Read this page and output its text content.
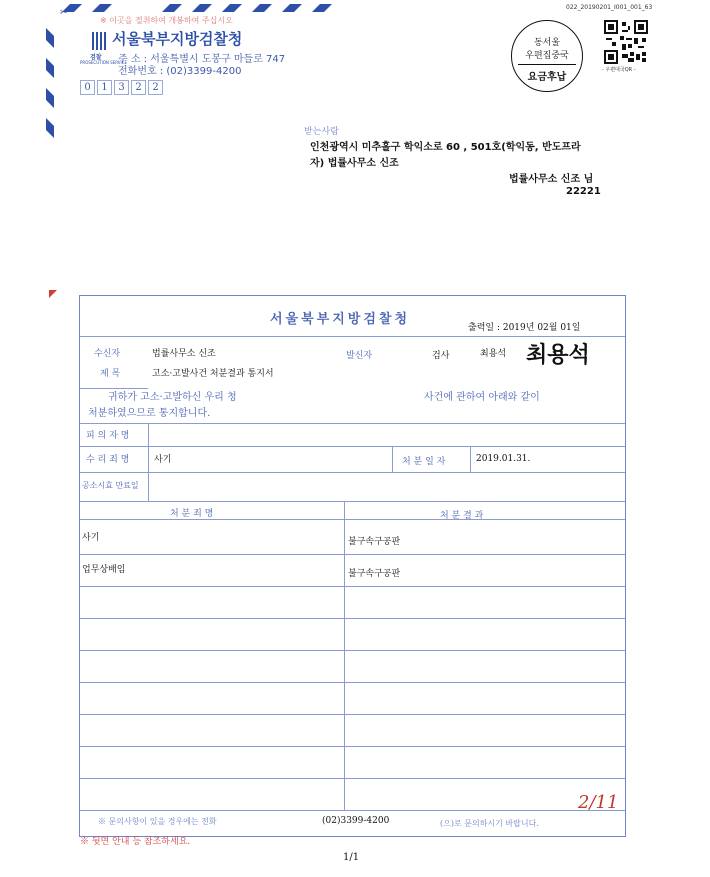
※ 이곳을 절취하여 개봉하여 주십시오
✂
검찰
PROSECUTION SERVICE
서울북부지방검찰청
주 소 : 서울특별시 도봉구 마들로 747
전화번호 : (02)3399-4200
0 1 3 2 2
022_20190201_I001_001_63
동서울
우편집중국
요금후납
- 우편대국QR -
받는사람
인천광역시 미추홀구 학익소로 60 , 501호(학익동, 반도프라
자) 법률사무소 신조
법률사무소 신조 님
22221
서울북부지방검찰청
출력일 : 2019년 02월 01일
수신자	법률사무소 신조	발신자	검사	최용석 최용석
제 목	고소·고발사건 처분결과 통지서
귀하가 고소·고발하신 우리 청	사건에 관하여 아래와 같이
처분하였으므로 통지합니다.
피 의 자 명
수 리 죄 명	사기	처 분 일 자	2019.01.31.
공소시효 만료일
처 분 죄 명	처 분 결 과
사기	불구속구공판
업무상배임	불구속구공판
※ 문의사항이 있을 경우에는 전화	(02)3399-4200	(으)로 문의하시기 바랍니다.
2/11
※ 뒷면 안내 등 참조하세요.
1/1
